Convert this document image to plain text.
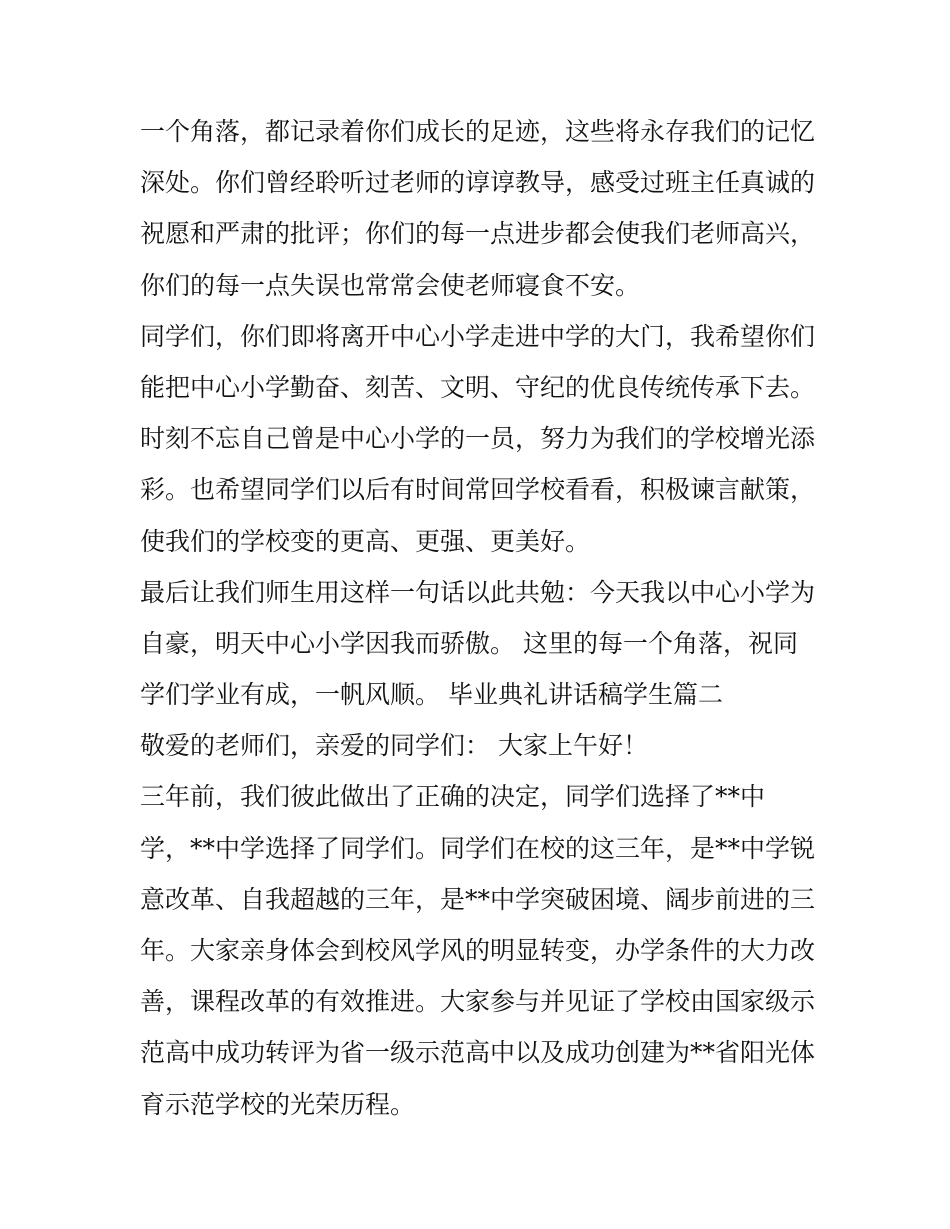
一个角落，都记录着你们成长的足迹，这些将永存我们的记忆
深处。你们曾经聆听过老师的谆谆教导，感受过班主任真诚的
祝愿和严肃的批评；你们的每一点进步都会使我们老师高兴，
你们的每一点失误也常常会使老师寝食不安。
同学们，你们即将离开中心小学走进中学的大门，我希望你们
能把中心小学勤奋、刻苦、文明、守纪的优良传统传承下去。
时刻不忘自己曾是中心小学的一员，努力为我们的学校增光添
彩。也希望同学们以后有时间常回学校看看，积极谏言献策，
使我们的学校变的更高、更强、更美好。
最后让我们师生用这样一句话以此共勉：今天我以中心小学为
自豪，明天中心小学因我而骄傲。 这里的每一个角落，祝同
学们学业有成，一帆风顺。 毕业典礼讲话稿学生篇二
敬爱的老师们，亲爱的同学们： 大家上午好！
三年前，我们彼此做出了正确的决定，同学们选择了**中
学，**中学选择了同学们。同学们在校的这三年，是**中学锐
意改革、自我超越的三年，是**中学突破困境、阔步前进的三
年。大家亲身体会到校风学风的明显转变，办学条件的大力改
善，课程改革的有效推进。大家参与并见证了学校由国家级示
范高中成功转评为省一级示范高中以及成功创建为**省阳光体
育示范学校的光荣历程。
